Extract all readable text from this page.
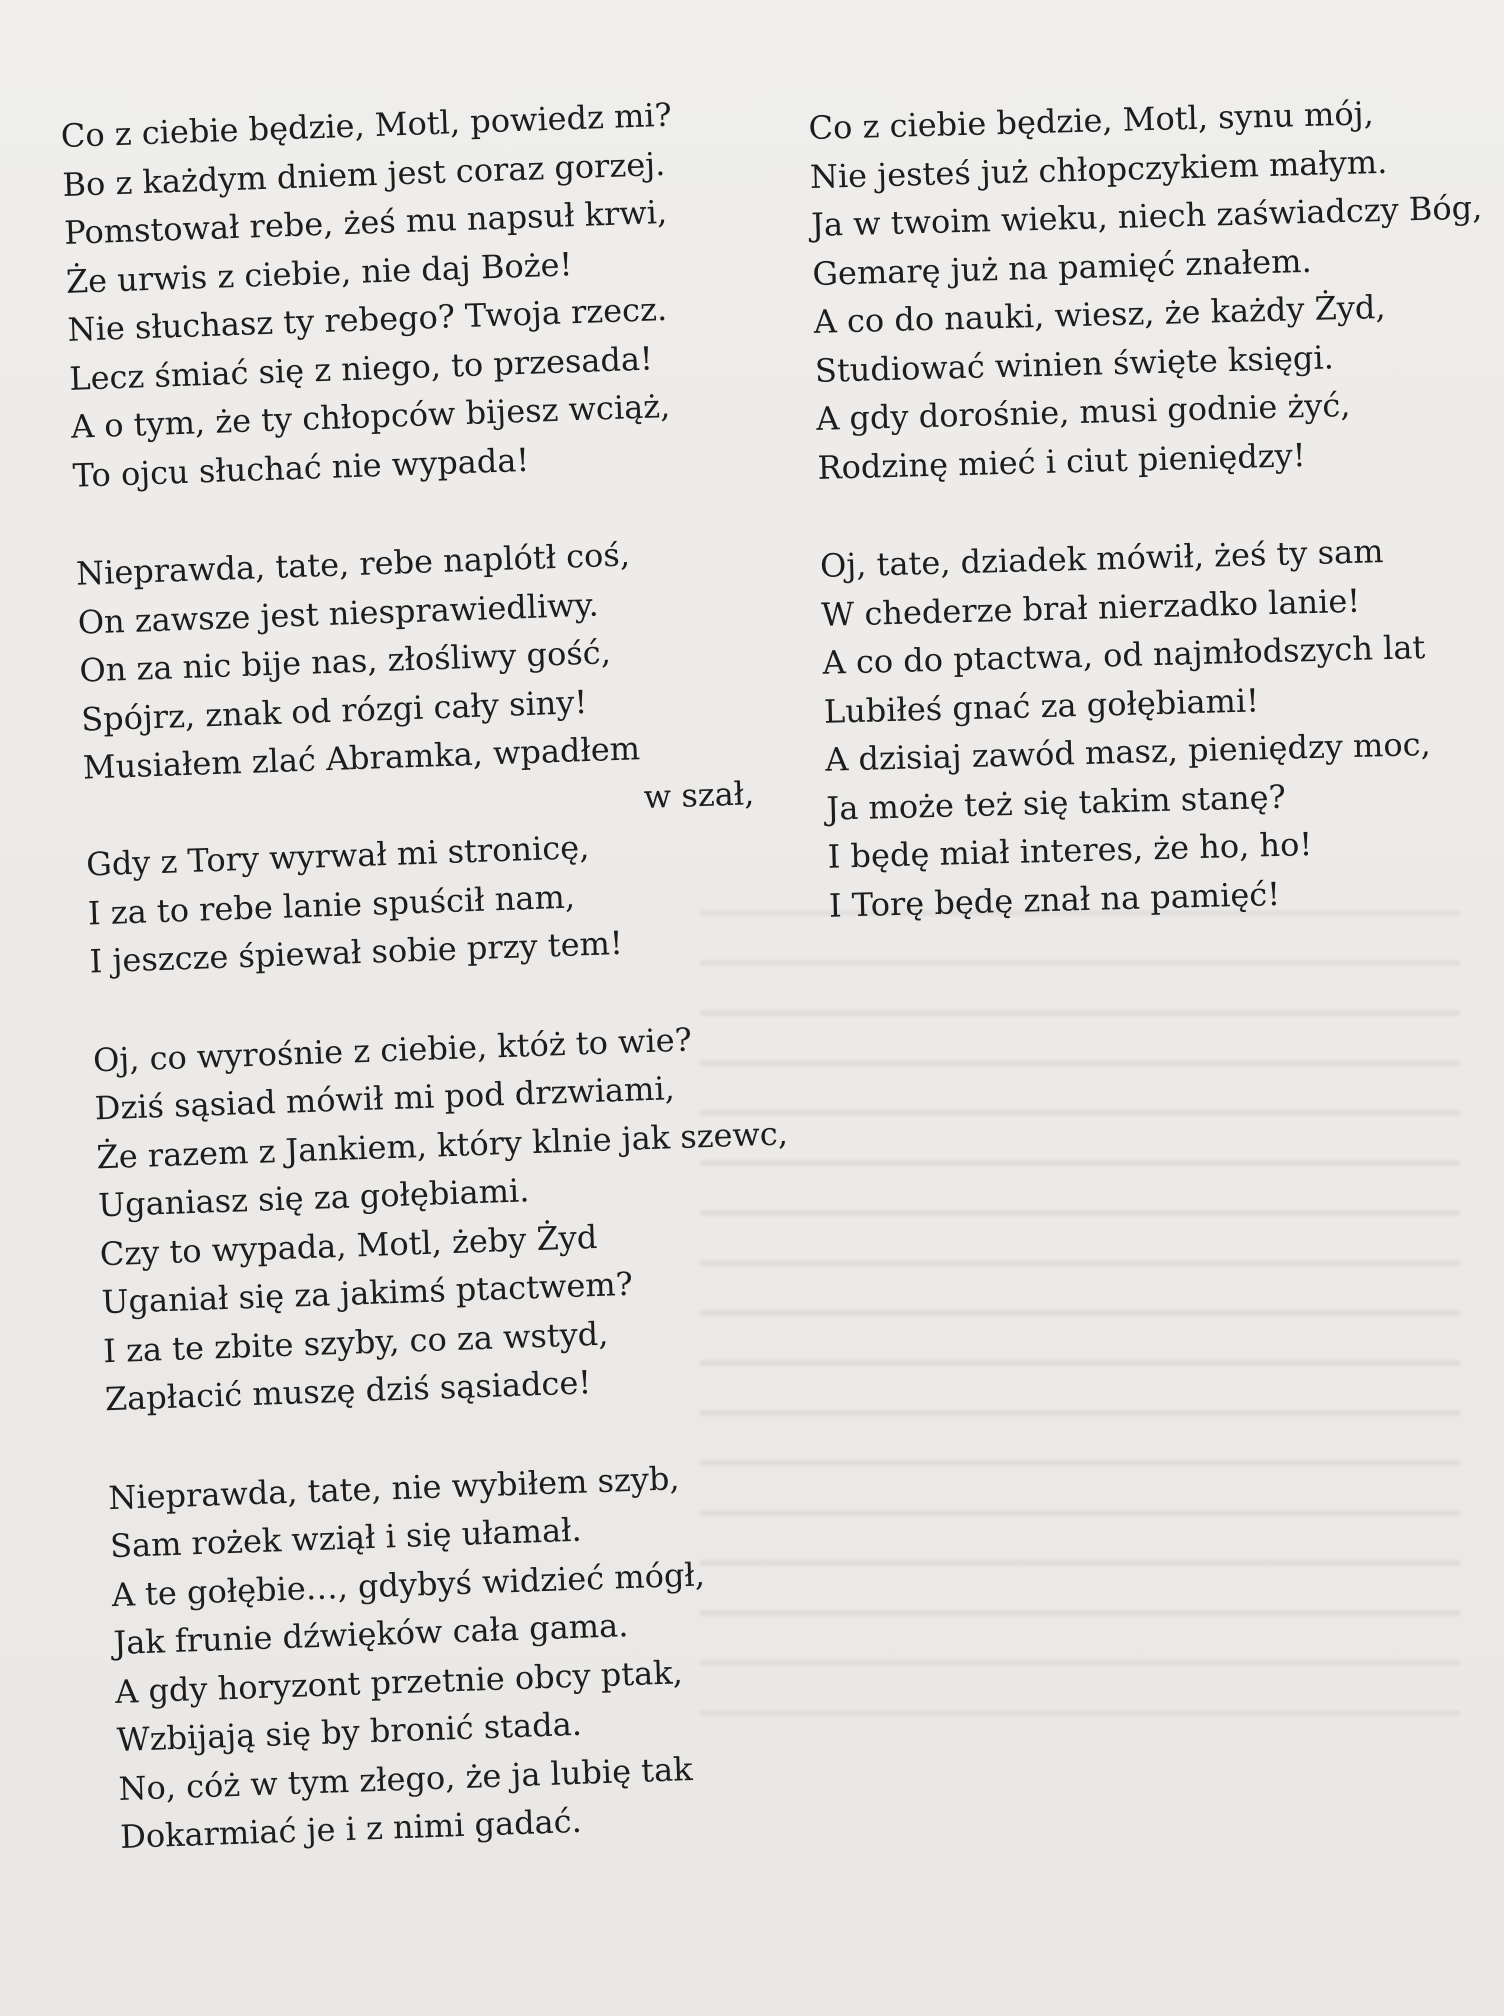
Co z ciebie będzie, Motl, powiedz mi?
Bo z każdym dniem jest coraz gorzej.
Pomstował rebe, żeś mu napsuł krwi,
Że urwis z ciebie, nie daj Boże!
Nie słuchasz ty rebego? Twoja rzecz.
Lecz śmiać się z niego, to przesada!
A o tym, że ty chłopców bijesz wciąż,
To ojcu słuchać nie wypada!
Nieprawda, tate, rebe naplótł coś,
On zawsze jest niesprawiedliwy.
On za nic bije nas, złośliwy gość,
Spójrz, znak od rózgi cały siny!
Musiałem zlać Abramka, wpadłem
w szał,
Gdy z Tory wyrwał mi stronicę,
I za to rebe lanie spuścił nam,
I jeszcze śpiewał sobie przy tem!
Oj, co wyrośnie z ciebie, któż to wie?
Dziś sąsiad mówił mi pod drzwiami,
Że razem z Jankiem, który klnie jak szewc,
Uganiasz się za gołębiami.
Czy to wypada, Motl, żeby Żyd
Uganiał się za jakimś ptactwem?
I za te zbite szyby, co za wstyd,
Zapłacić muszę dziś sąsiadce!
Nieprawda, tate, nie wybiłem szyb,
Sam rożek wziął i się ułamał.
A te gołębie…, gdybyś widzieć mógł,
Jak frunie dźwięków cała gama.
A gdy horyzont przetnie obcy ptak,
Wzbijają się by bronić stada.
No, cóż w tym złego, że ja lubię tak
Dokarmiać je i z nimi gadać.
Co z ciebie będzie, Motl, synu mój,
Nie jesteś już chłopczykiem małym.
Ja w twoim wieku, niech zaświadczy Bóg,
Gemarę już na pamięć znałem.
A co do nauki, wiesz, że każdy Żyd,
Studiować winien święte księgi.
A gdy dorośnie, musi godnie żyć,
Rodzinę mieć i ciut pieniędzy!
Oj, tate, dziadek mówił, żeś ty sam
W chederze brał nierzadko lanie!
A co do ptactwa, od najmłodszych lat
Lubiłeś gnać za gołębiami!
A dzisiaj zawód masz, pieniędzy moc,
Ja może też się takim stanę?
I będę miał interes, że ho, ho!
I Torę będę znał na pamięć!
